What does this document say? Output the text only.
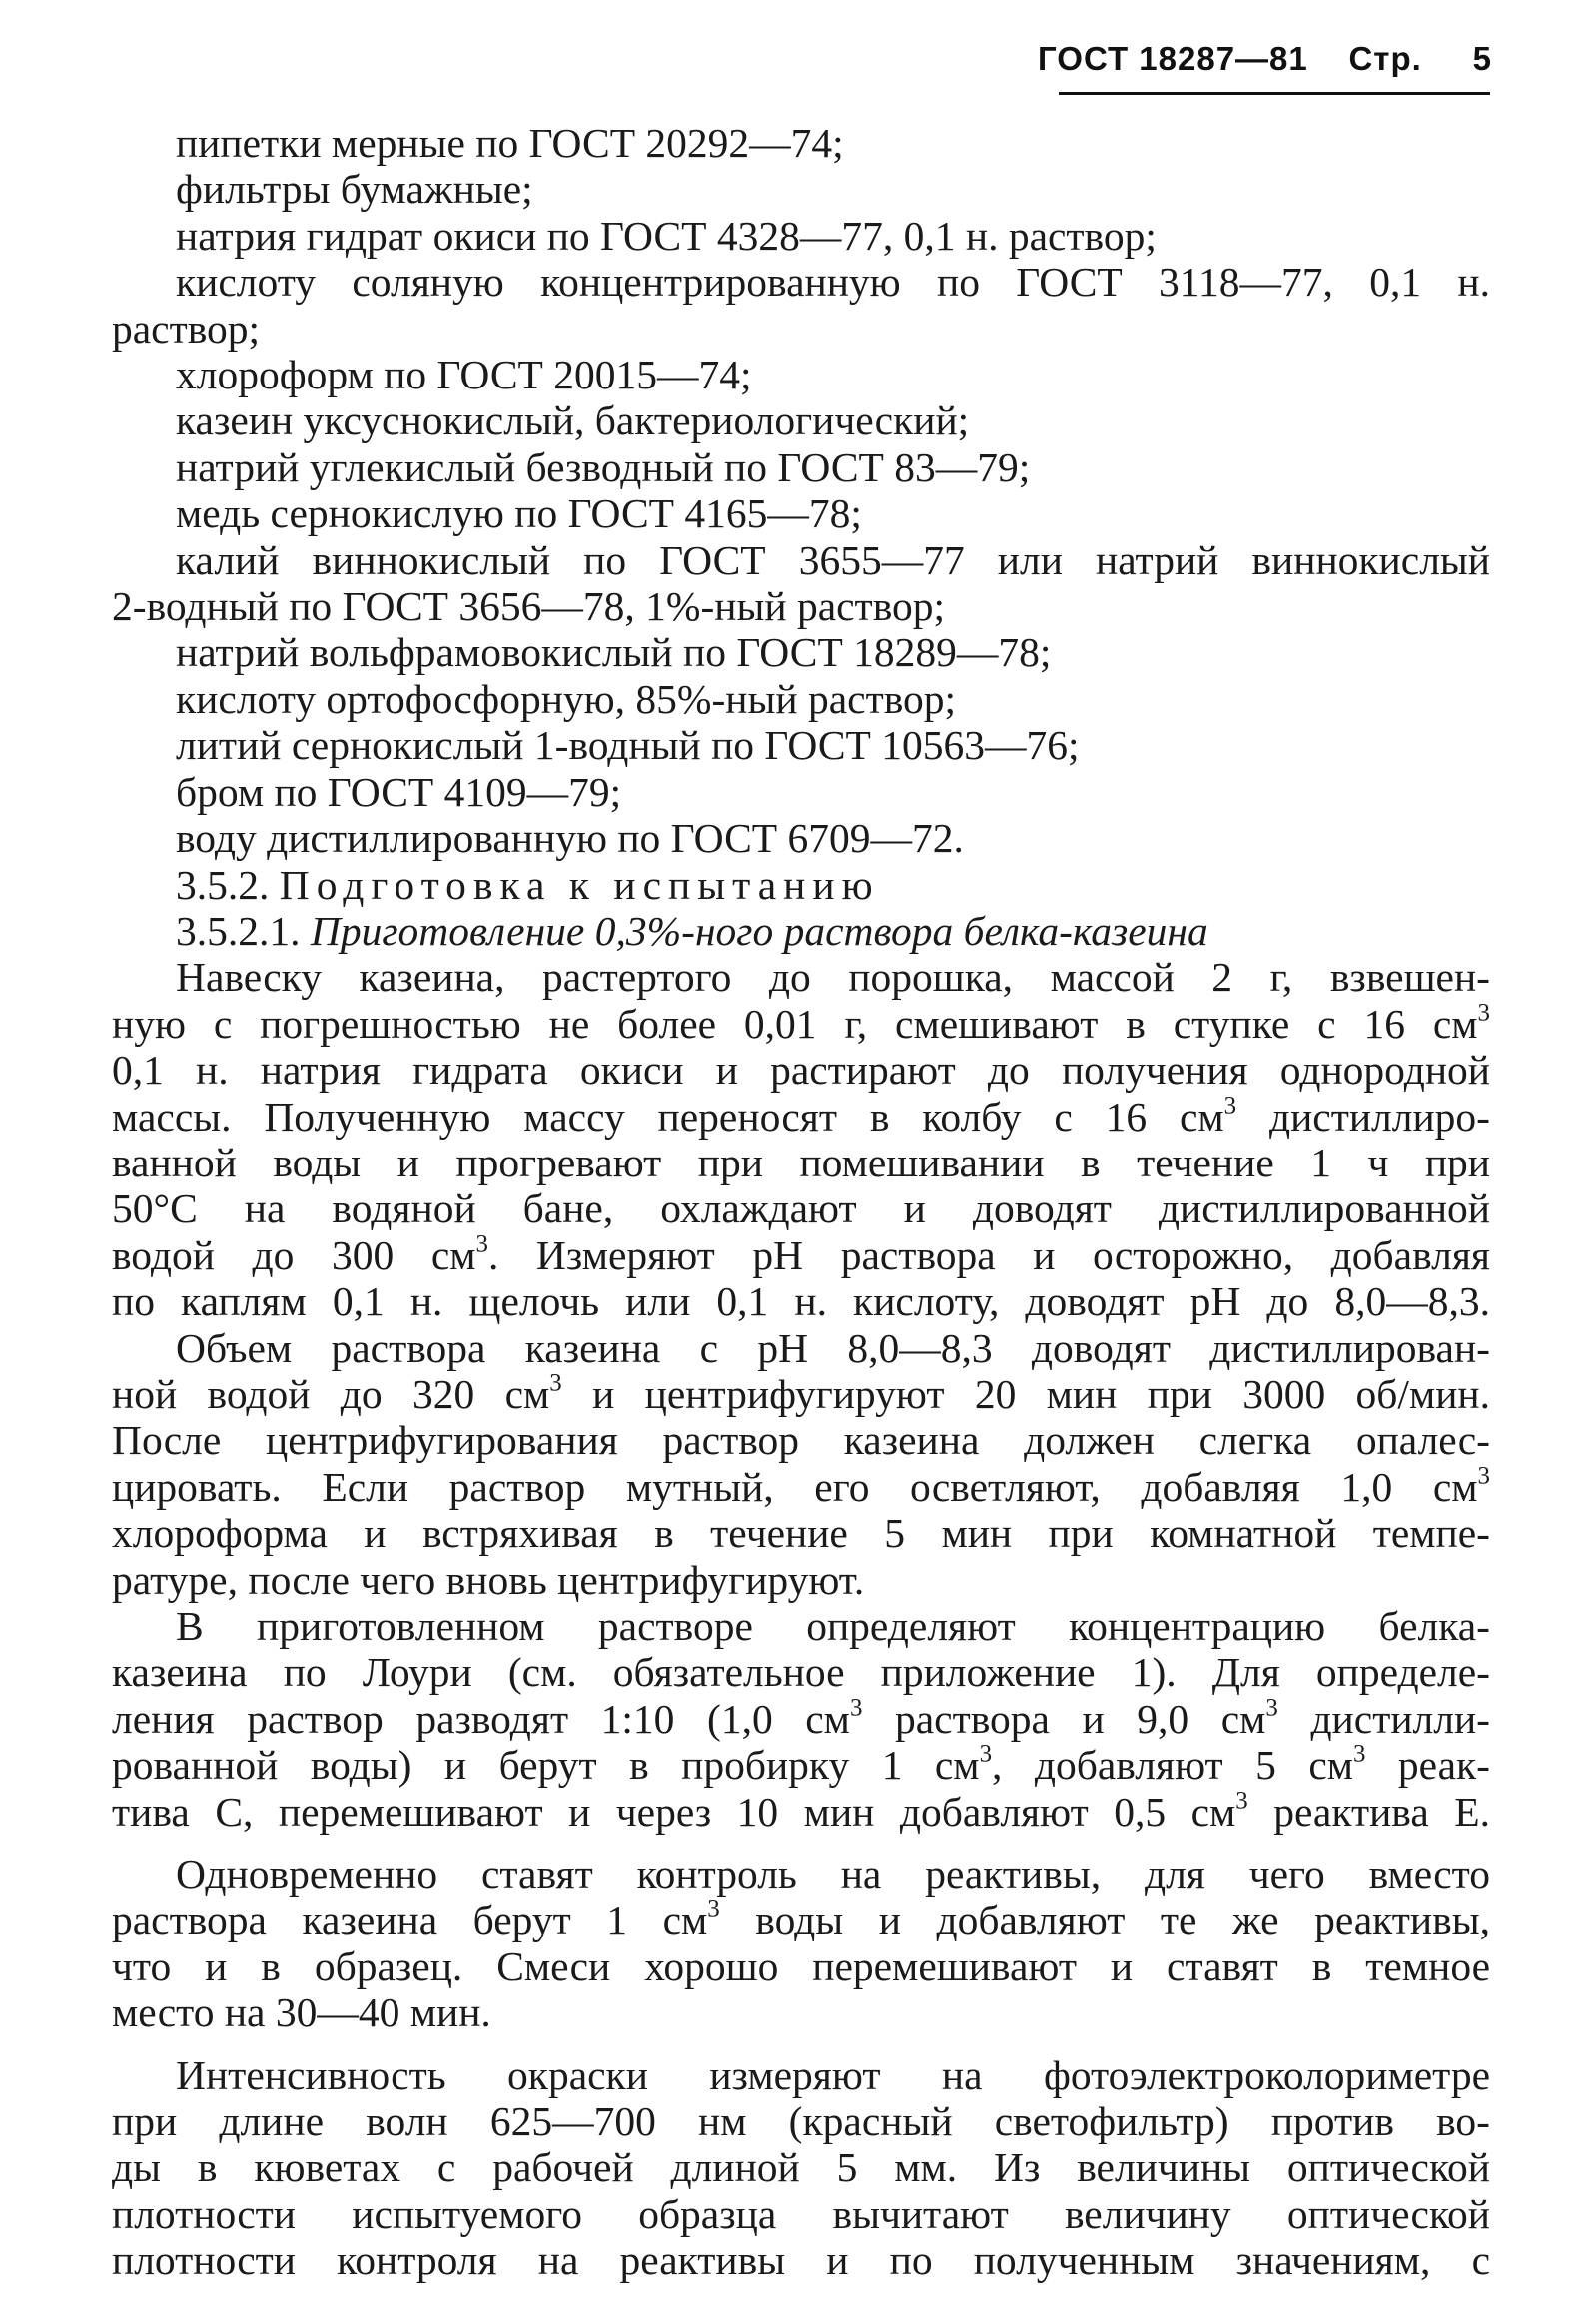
ГОСТ 18287—81 Стр. 5

пипетки мерные по ГОСТ 20292—74;

фильтры бумажные;

натрия гидрат окиси по ГОСТ 4328—77, 0,1 н. раствор;

кислоту соляную концентрированную по ГОСТ 3118—77, 0,1 н.

раствор;

хлороформ по ГОСТ 20015—74;

казеин уксуснокислый, бактериологический;

натрий углекислый безводный по ГОСТ 83—79;

медь сернокислую по ГОСТ 4165—78;

калий виннокислый по ГОСТ 3655—77 или натрий виннокислый

2-водный по ГОСТ 3656—78, 1%-ный раствор;

натрий вольфрамовокислый по ГОСТ 18289—78;

кислоту ортофосфорную, 85%-ный раствор;

литий сернокислый 1-водный по ГОСТ 10563—76;

бром по ГОСТ 4109—79;

воду дистиллированную по ГОСТ 6709—72.

3.5.2. Подготовка к испытанию

3.5.2.1. Приготовление 0,3%-ного раствора белка-казеина

Навеску казеина, растертого до порошка, массой 2 г, взвешен-

ную с погрешностью не более 0,01 г, смешивают в ступке с 16 $см^3$

0,1 н. натрия гидрата окиси и растирают до получения однородной

массы. Полученную массу переносят в колбу с 16 $см^3$ дистиллиро-

ванной воды и прогревают при помешивании в течение 1 ч при

50°С на водяной бане, охлаждают и доводят дистиллированной

водой до 300 $см^3$. Измеряют рН раствора и осторожно, добавляя

по каплям 0,1 н. щелочь или 0,1 н. кислоту, доводят рН до 8,0—8,3.

Объем раствора казеина с рН 8,0—8,3 доводят дистиллирован-

ной водой до 320 $см^3$ и центрифугируют 20 мин при 3000 об/мин.

После центрифугирования раствор казеина должен слегка опалес-

цировать. Если раствор мутный, его осветляют, добавляя 1,0 $см^3$

хлороформа и встряхивая в течение 5 мин при комнатной темпе-

ратуре, после чего вновь центрифугируют.

В приготовленном растворе определяют концентрацию белка-

казеина по Лоури (см. обязательное приложение 1). Для определе-

ления раствор разводят 1:10 (1,0 $см^3$ раствора и 9,0 $см^3$ дистилли-

рованной воды) и берут в пробирку 1 $см^3$, добавляют 5 $см^3$ реак-

тива С, перемешивают и через 10 мин добавляют 0,5 $см^3$ реактива Е.

Одновременно ставят контроль на реактивы, для чего вместо

раствора казеина берут 1 $см^3$ воды и добавляют те же реактивы,

что и в образец. Смеси хорошо перемешивают и ставят в темное

место на 30—40 мин.

Интенсивность окраски измеряют на фотоэлектроколориметре

при длине волн 625—700 нм (красный светофильтр) против во-

ды в кюветах с рабочей длиной 5 мм. Из величины оптической

плотности испытуемого образца вычитают величину оптической

плотности контроля на реактивы и по полученным значениям, с
